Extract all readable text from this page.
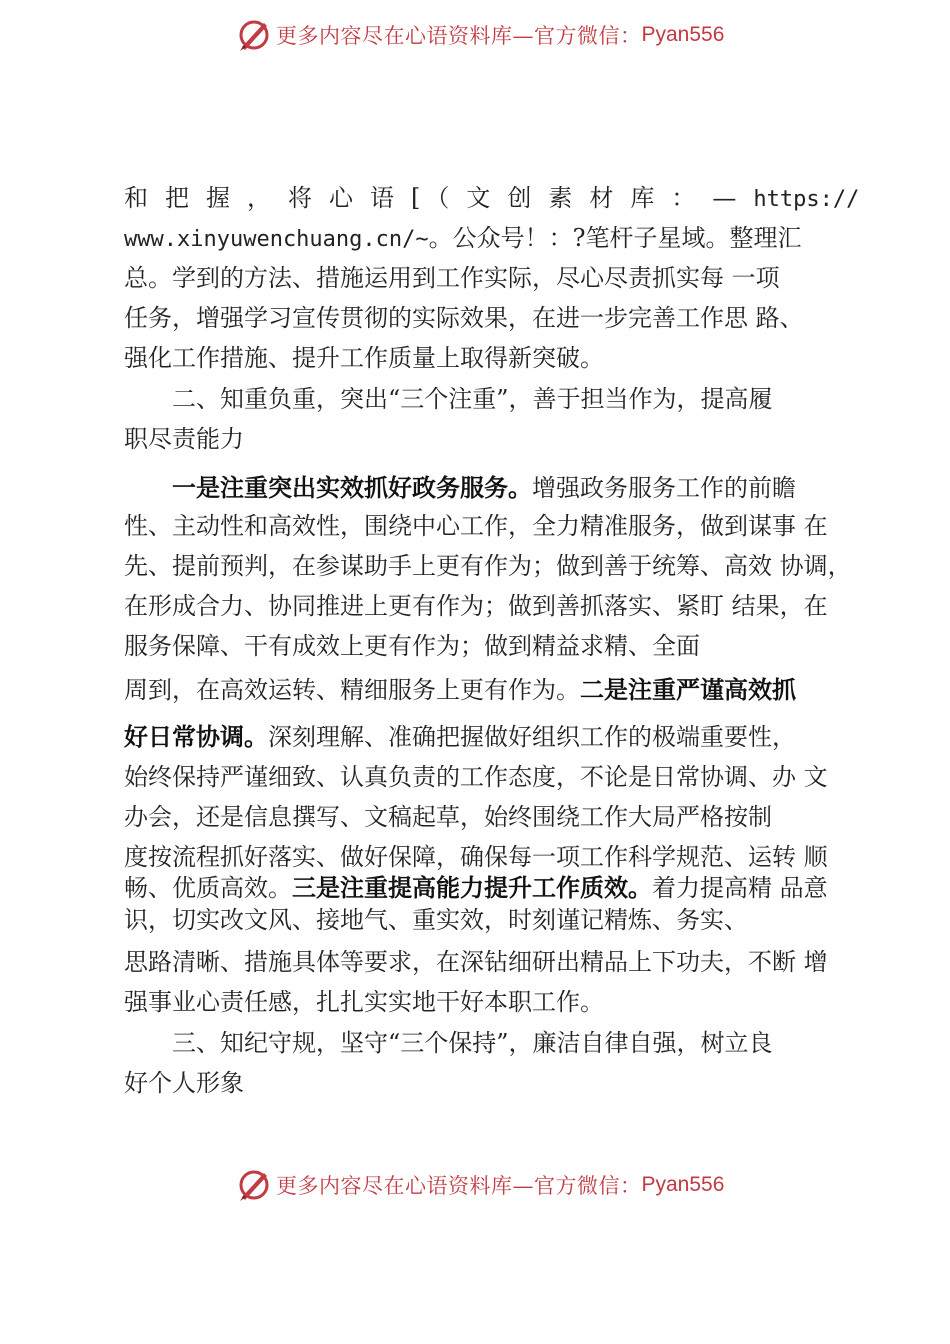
更多内容尽在心语资料库—官方微信： Pyan556
和把握，将心语[（文创素材库：—https://
www.xinyuwenchuang.cn/~。公众号！：?笔杆子星域。整理汇
总。学到的方法、措施运用到工作实际，尽心尽责抓实每 一项
任务，增强学习宣传贯彻的实际效果，在进一步完善工作思 路、
强化工作措施、提升工作质量上取得新突破。
二、知重负重，突出“三个注重”，善于担当作为，提高履
职尽责能力
一是注重突出实效抓好政务服务。增强政务服务工作的前瞻
性、主动性和高效性，围绕中心工作，全力精准服务，做到谋事 在
先、提前预判，在参谋助手上更有作为；做到善于统筹、高效 协调，
在形成合力、协同推进上更有作为；做到善抓落实、紧盯 结果，在
服务保障、干有成效上更有作为；做到精益求精、全面
周到，在高效运转、精细服务上更有作为。二是注重严谨高效抓
好日常协调。深刻理解、准确把握做好组织工作的极端重要性，
始终保持严谨细致、认真负责的工作态度，不论是日常协调、办 文
办会，还是信息撰写、文稿起草，始终围绕工作大局严格按制
度按流程抓好落实、做好保障，确保每一项工作科学规范、运转 顺
畅、优质高效。三是注重提高能力提升工作质效。着力提高精 品意
识，切实改文风、接地气、重实效，时刻谨记精炼、务实、
思路清晰、措施具体等要求，在深钻细研出精品上下功夫，不断 增
强事业心责任感，扎扎实实地干好本职工作。
三、知纪守规，坚守“三个保持”，廉洁自律自强，树立良
好个人形象
更多内容尽在心语资料库—官方微信： Pyan556
